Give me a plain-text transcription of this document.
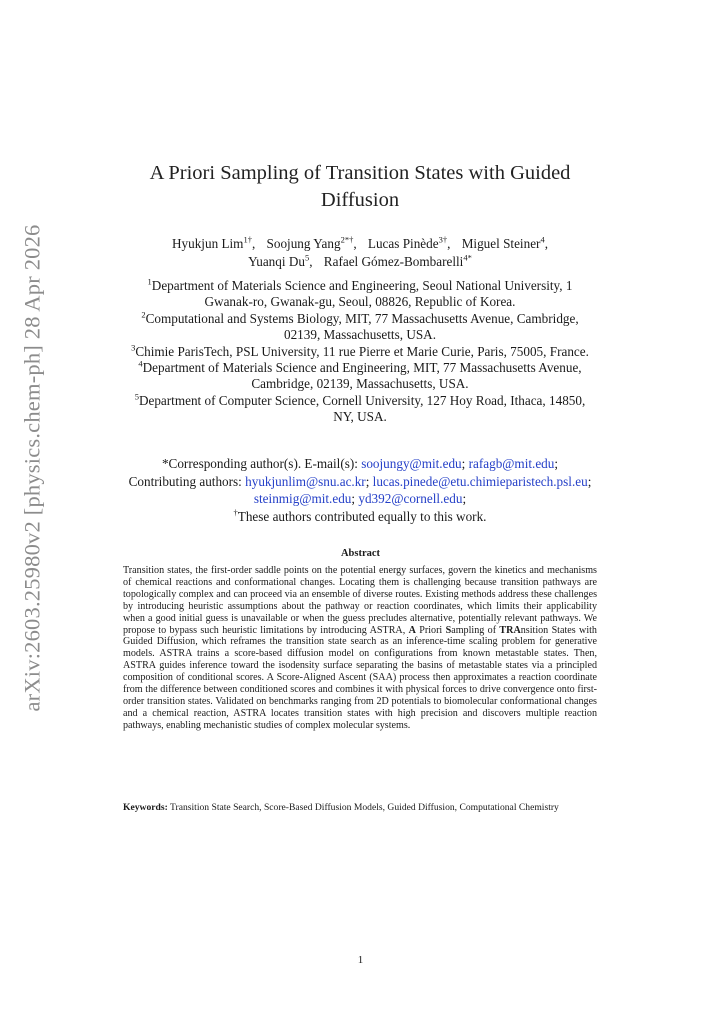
arXiv:2603.25980v2 [physics.chem-ph] 28 Apr 2026
A Priori Sampling of Transition States with Guided
Diffusion
Hyukjun Lim$^{1\dagger}$, Soojung Yang$^{2*\dagger}$, Lucas Pinède$^{3\dagger}$, Miguel Steiner$^4$,
Yuanqi Du$^5$, Rafael Gómez-Bombarelli$^{4*}$
$^1$Department of Materials Science and Engineering, Seoul National University, 1
Gwanak-ro, Gwanak-gu, Seoul, 08826, Republic of Korea.
$^2$Computational and Systems Biology, MIT, 77 Massachusetts Avenue, Cambridge,
02139, Massachusetts, USA.
$^3$Chimie ParisTech, PSL University, 11 rue Pierre et Marie Curie, Paris, 75005, France.
$^4$Department of Materials Science and Engineering, MIT, 77 Massachusetts Avenue,
Cambridge, 02139, Massachusetts, USA.
$^5$Department of Computer Science, Cornell University, 127 Hoy Road, Ithaca, 14850,
NY, USA.
*Corresponding author(s). E-mail(s): soojungy@mit.edu; rafagb@mit.edu;
Contributing authors: hyukjunlim@snu.ac.kr; lucas.pinede@etu.chimieparistech.psl.eu;
steinmig@mit.edu; yd392@cornell.edu;
†These authors contributed equally to this work.
Abstract
Transition states, the first-order saddle points on the potential energy surfaces, govern the kinetics and mechanisms of chemical reactions and conformational changes. Locating them is challenging because transition pathways are topologically complex and can proceed via an ensemble of diverse routes. Existing methods address these challenges by introducing heuristic assumptions about the pathway or reaction coordinates, which limits their applicability when a good initial guess is unavailable or when the guess precludes alternative, potentially relevant pathways. We propose to bypass such heuristic limitations by introducing ASTRA, A Priori Sampling of TRAnsition States with Guided Diffusion, which reframes the transition state search as an inference-time scaling problem for generative models. ASTRA trains a score-based diffusion model on configurations from known metastable states. Then, ASTRA guides inference toward the isodensity surface separating the basins of metastable states via a principled composition of conditional scores. A Score-Aligned Ascent (SAA) process then approximates a reaction coordinate from the difference between conditioned scores and combines it with physical forces to drive convergence onto first-order transition states. Validated on benchmarks ranging from 2D potentials to biomolecular conformational changes and a chemical reaction, ASTRA locates transition states with high precision and discovers multiple reaction pathways, enabling mechanistic studies of complex molecular systems.
Keywords: Transition State Search, Score-Based Diffusion Models, Guided Diffusion, Computational Chemistry
1
